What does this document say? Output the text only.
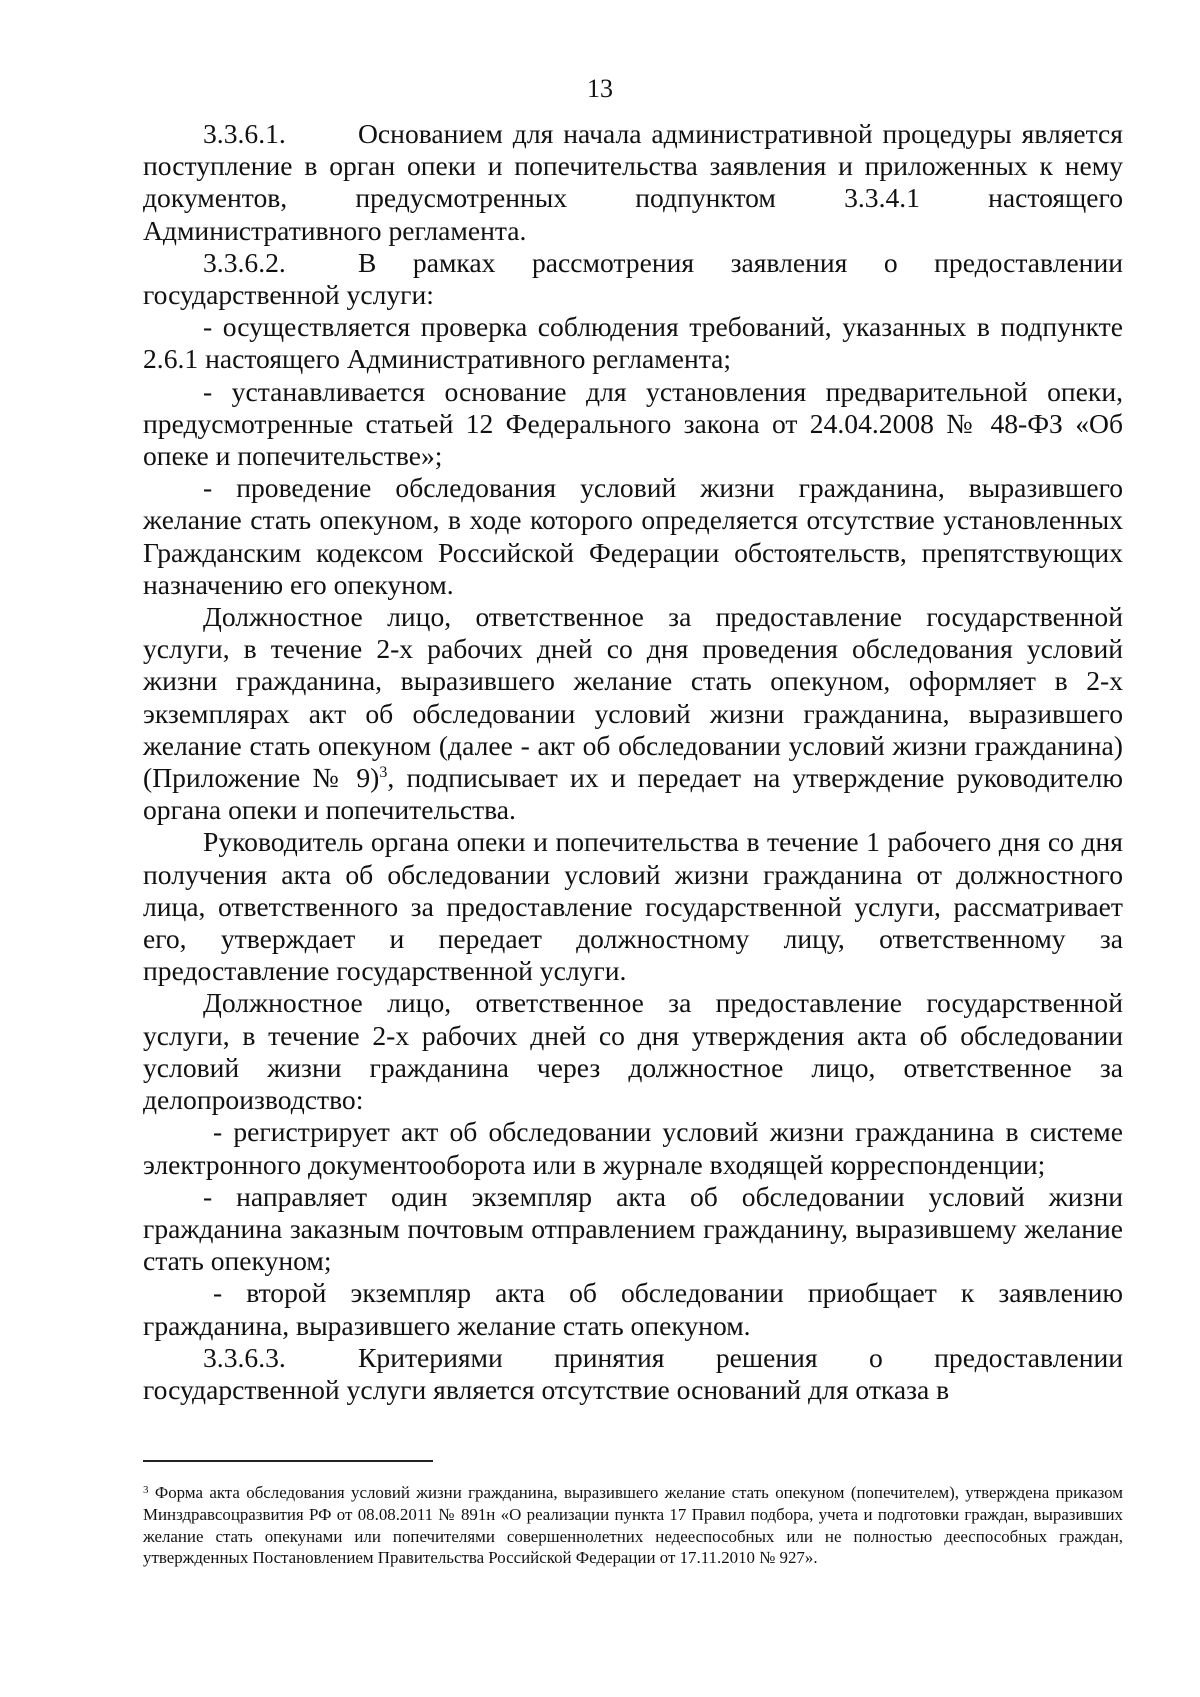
13

3.3.6.1.	Основанием для начала административной процедуры является поступление в орган опеки и попечительства заявления и приложенных к нему документов, предусмотренных подпунктом 3.3.4.1 настоящего Административного регламента.

3.3.6.2.	В рамках рассмотрения заявления о предоставлении государственной услуги:

- осуществляется проверка соблюдения требований, указанных в подпункте 2.6.1 настоящего Административного регламента;

- устанавливается основание для установления предварительной опеки, предусмотренные статьей 12 Федерального закона от 24.04.2008 № 48-ФЗ «Об опеке и попечительстве»;

- проведение обследования условий жизни гражданина, выразившего желание стать опекуном, в ходе которого определяется отсутствие установленных Гражданским кодексом Российской Федерации обстоятельств, препятствующих назначению его опекуном.

Должностное лицо, ответственное за предоставление государственной услуги, в течение 2-х рабочих дней со дня проведения обследования условий жизни гражданина, выразившего желание стать опекуном, оформляет в 2-х экземплярах акт об обследовании условий жизни гражданина, выразившего желание стать опекуном (далее - акт об обследовании условий жизни гражданина) (Приложение № 9)$^3$, подписывает их и передает на утверждение руководителю органа опеки и попечительства.

Руководитель органа опеки и попечительства в течение 1 рабочего дня со дня получения акта об обследовании условий жизни гражданина от должностного лица, ответственного за предоставление государственной услуги, рассматривает его, утверждает и передает должностному лицу, ответственному за предоставление государственной услуги.

Должностное лицо, ответственное за предоставление государственной услуги, в течение 2-х рабочих дней со дня утверждения акта об обследовании условий жизни гражданина через должностное лицо, ответственное за делопроизводство:

- регистрирует акт об обследовании условий жизни гражданина в системе электронного документооборота или в журнале входящей корреспонденции;

- направляет один экземпляр акта об обследовании условий жизни гражданина заказным почтовым отправлением гражданину, выразившему желание стать опекуном;

- второй экземпляр акта об обследовании приобщает к заявлению гражданина, выразившего желание стать опекуном.

3.3.6.3.	Критериями принятия решения о предоставлении государственной услуги является отсутствие оснований для отказа в

$^3$ Форма акта обследования условий жизни гражданина, выразившего желание стать опекуном (попечителем), утверждена приказом Минздравсоцразвития РФ от 08.08.2011 № 891н «О реализации пункта 17 Правил подбора, учета и подготовки граждан, выразивших желание стать опекунами или попечителями совершеннолетних недееспособных или не полностью дееспособных граждан, утвержденных Постановлением Правительства Российской Федерации от 17.11.2010 № 927».
